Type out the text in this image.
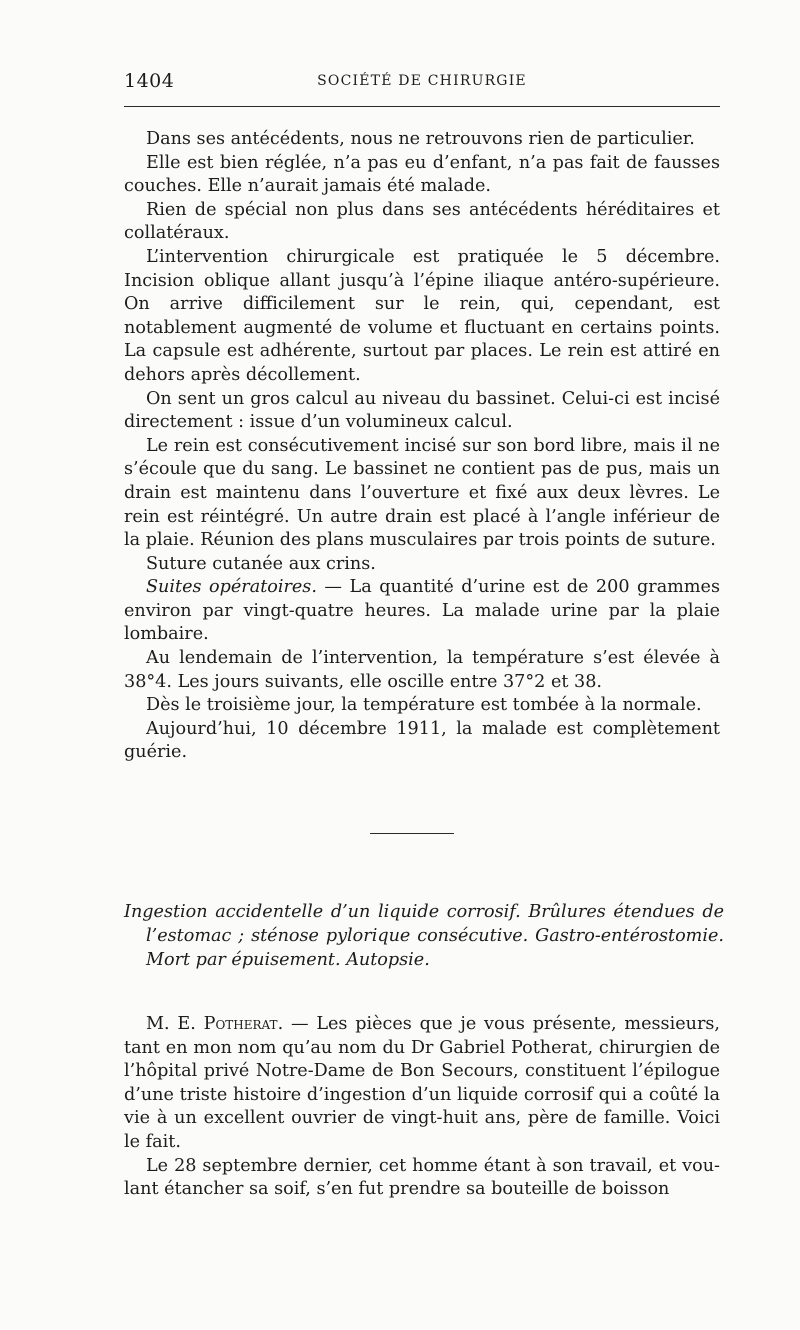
1404	SOCIÉTÉ DE CHIRURGIE

Dans ses antécédents, nous ne retrouvons rien de particulier.

Elle est bien réglée, n’a pas eu d’enfant, n’a pas fait de fausses couches. Elle n’aurait jamais été malade.

Rien de spécial non plus dans ses antécédents héréditaires et collatéraux.

L’intervention chirurgicale est pratiquée le 5 décembre. Incision oblique allant jusqu’à l’épine iliaque antéro-supérieure. On arrive difficilement sur le rein, qui, cependant, est notablement augmenté de volume et fluctuant en certains points. La capsule est adhérente, surtout par places. Le rein est attiré en dehors après décollement.

On sent un gros calcul au niveau du bassinet. Celui-ci est incisé directement : issue d’un volumineux calcul.

Le rein est consécutivement incisé sur son bord libre, mais il ne s’écoule que du sang. Le bassinet ne contient pas de pus, mais un drain est maintenu dans l’ouverture et fixé aux deux lèvres. Le rein est réintégré. Un autre drain est placé à l’angle inférieur de la plaie. Réunion des plans musculaires par trois points de suture.

Suture cutanée aux crins.

Suites opératoires. — La quantité d’urine est de 200 grammes environ par vingt-quatre heures. La malade urine par la plaie lombaire.

Au lendemain de l’intervention, la température s’est élevée à 38°4. Les jours suivants, elle oscille entre 37°2 et 38.

Dès le troisième jour, la température est tombée à la normale.

Aujourd’hui, 10 décembre 1911, la malade est complètement guérie.

Ingestion accidentelle d’un liquide corrosif. Brûlures étendues de l’estomac ; sténose pylorique consécutive. Gastro-entérostomie. Mort par épuisement. Autopsie.

M. E. Potherat. — Les pièces que je vous présente, messieurs, tant en mon nom qu’au nom du Dr Gabriel Potherat, chirurgien de l’hôpital privé Notre-Dame de Bon Secours, constituent l’épilogue d’une triste histoire d’ingestion d’un liquide corrosif qui a coûté la vie à un excellent ouvrier de vingt-huit ans, père de famille. Voici le fait.

Le 28 septembre dernier, cet homme étant à son travail, et voulant étancher sa soif, s’en fut prendre sa bouteille de boisson
